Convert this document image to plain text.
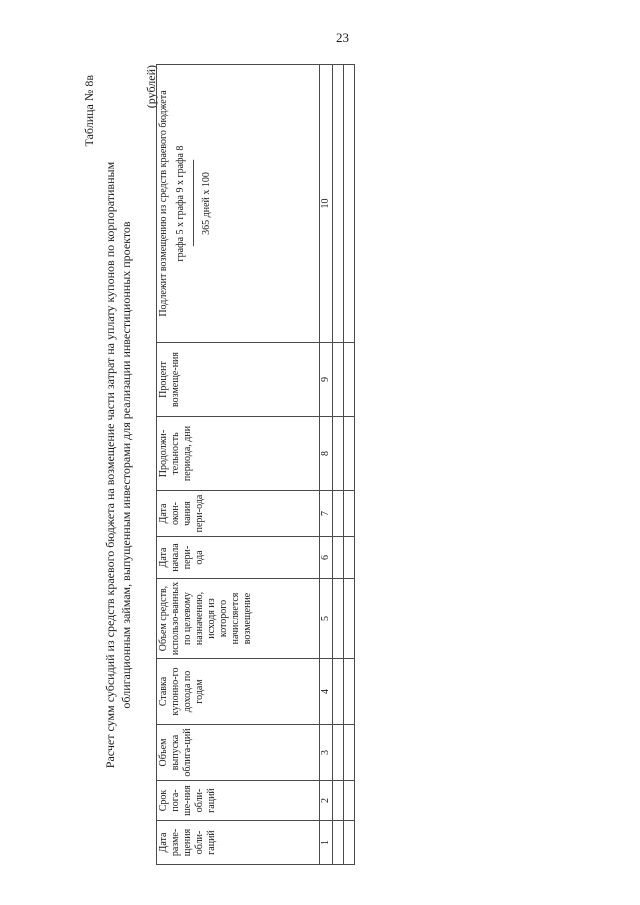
23
Таблица № 8в
Расчет сумм субсидий из средств краевого бюджета на возмещение части затрат на уплату купонов по корпоративным облигационным займам, выпущенным инвесторами для реализации инвестиционных проектов
(рублей)
Дата разме-щения обли-гаций	Срок пога-ше-ния обли-гаций	Объем выпуска облига-ций	Ставка купонно-го дохода по годам	Объем средств, использо-ванных по целевому назначению, исходя из которого начисляется возмещение	Дата начала пери-ода	Дата окон-чания пери-ода	Продолжи-тельность периода, дни	Процент возмеще-ния	Подлежит возмещению из средств краевого бюджета графа 5 х графа 9 х графа 8 ------------------------------------- 365 дней х 100

1	2	3	4	5	6	7	8	9	10
